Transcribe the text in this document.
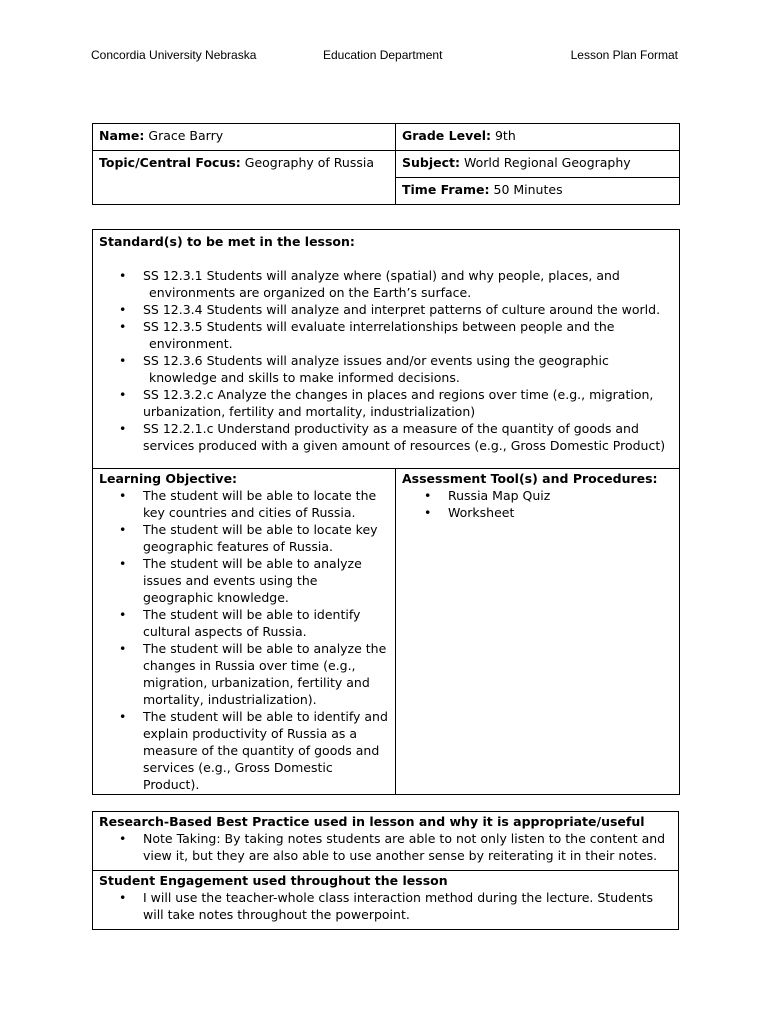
Concordia University Nebraska	Education Department	Lesson Plan Format
Name: Grace Barry	Grade Level: 9th
Topic/Central Focus: Geography of Russia	Subject: World Regional Geography
	Time Frame: 50 Minutes
Standard(s) to be met in the lesson:
• SS 12.3.1 Students will analyze where (spatial) and why people, places, and
environments are organized on the Earth’s surface.
• SS 12.3.4 Students will analyze and interpret patterns of culture around the world.
• SS 12.3.5 Students will evaluate interrelationships between people and the
environment.
• SS 12.3.6 Students will analyze issues and/or events using the geographic
knowledge and skills to make informed decisions.
• SS 12.3.2.c Analyze the changes in places and regions over time (e.g., migration,
urbanization, fertility and mortality, industrialization)
• SS 12.2.1.c Understand productivity as a measure of the quantity of goods and
services produced with a given amount of resources (e.g., Gross Domestic Product)

Learning Objective:
• The student will be able to locate the key countries and cities of Russia.
• The student will be able to locate key geographic features of Russia.
• The student will be able to analyze issues and events using the geographic knowledge.
• The student will be able to identify cultural aspects of Russia.
• The student will be able to analyze the changes in Russia over time (e.g., migration, urbanization, fertility and mortality, industrialization).
• The student will be able to identify and explain productivity of Russia as a measure of the quantity of goods and services (e.g., Gross Domestic Product).
	Assessment Tool(s) and Procedures:
• Russia Map Quiz
• Worksheet
Research-Based Best Practice used in lesson and why it is appropriate/useful
• Note Taking: By taking notes students are able to not only listen to the content and view it, but they are also able to use another sense by reiterating it in their notes.

Student Engagement used throughout the lesson
• I will use the teacher-whole class interaction method during the lecture. Students will take notes throughout the powerpoint.
